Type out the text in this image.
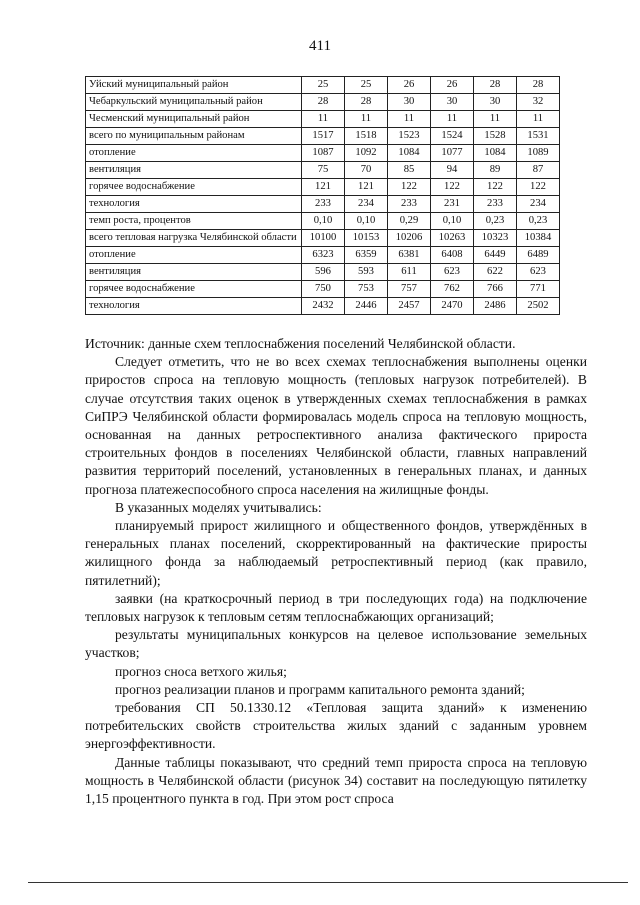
411
Уйский муниципальный район	25	25	26	26	28	28
Чебаркульский муниципальный район	28	28	30	30	30	32
Чесменский муниципальный район	11	11	11	11	11	11
всего по муниципальным районам	1517	1518	1523	1524	1528	1531
отопление	1087	1092	1084	1077	1084	1089
вентиляция	75	70	85	94	89	87
горячее водоснабжение	121	121	122	122	122	122
технология	233	234	233	231	233	234
темп роста, процентов	0,10	0,10	0,29	0,10	0,23	0,23
всего тепловая нагрузка Челябинской области	10100	10153	10206	10263	10323	10384
отопление	6323	6359	6381	6408	6449	6489
вентиляция	596	593	611	623	622	623
горячее водоснабжение	750	753	757	762	766	771
технология	2432	2446	2457	2470	2486	2502

Источник: данные схем теплоснабжения поселений Челябинской области.

Следует отметить, что не во всех схемах теплоснабжения выполнены оценки приростов спроса на тепловую мощность (тепловых нагрузок потребителей). В случае отсутствия таких оценок в утвержденных схемах теплоснабжения в рамках СиПРЭ Челябинской области формировалась модель спроса на тепловую мощность, основанная на данных ретроспективного анализа фактического прироста строительных фондов в поселениях Челябинской области, главных направлений развития территорий поселений, установленных в генеральных планах, и данных прогноза платежеспособного спроса населения на жилищные фонды.

В указанных моделях учитывались:

планируемый прирост жилищного и общественного фондов, утверждённых в генеральных планах поселений, скорректированный на фактические приросты жилищного фонда за наблюдаемый ретроспективный период (как правило, пятилетний);

заявки (на краткосрочный период в три последующих года) на подключение тепловых нагрузок к тепловым сетям теплоснабжающих организаций;

результаты муниципальных конкурсов на целевое использование земельных участков;

прогноз сноса ветхого жилья;

прогноз реализации планов и программ капитального ремонта зданий;

требования СП 50.1330.12 «Тепловая защита зданий» к изменению потребительских свойств строительства жилых зданий с заданным уровнем энергоэффективности.

Данные таблицы показывают, что средний темп прироста спроса на тепловую мощность в Челябинской области (рисунок 34) составит на последующую пятилетку 1,15 процентного пункта в год. При этом рост спроса
